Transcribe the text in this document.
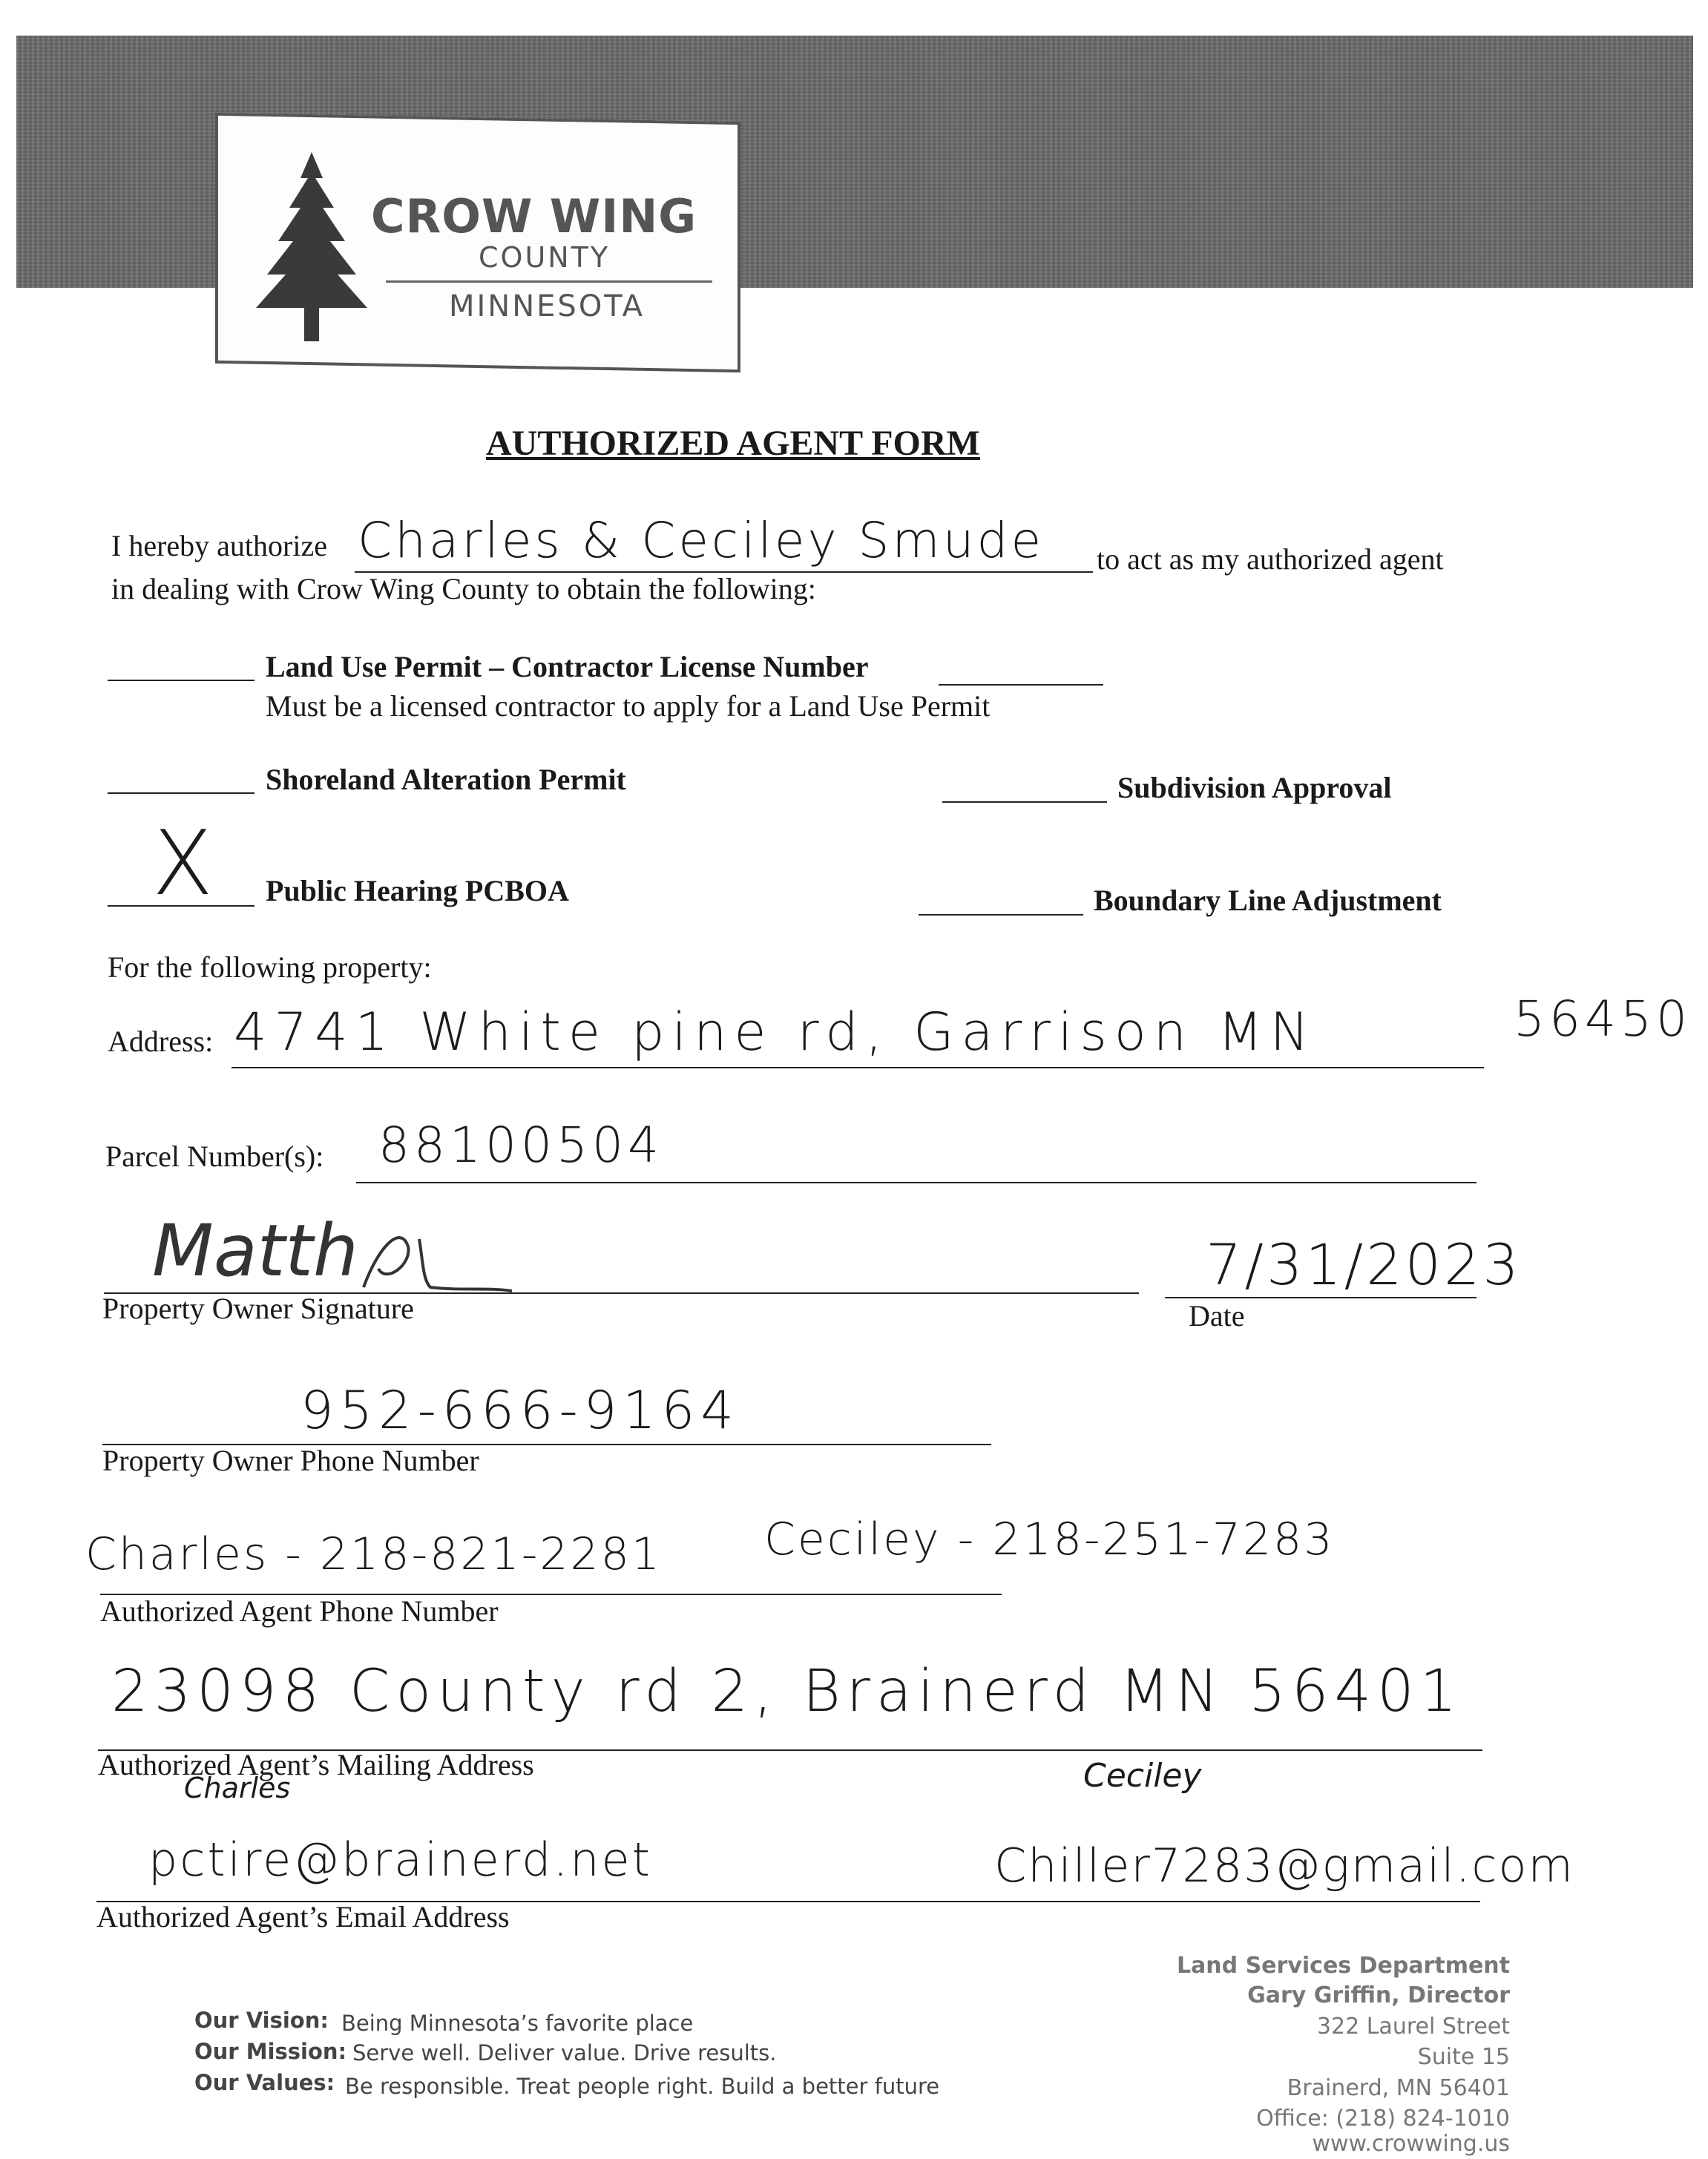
CROW WING
COUNTY
MINNESOTA
AUTHORIZED AGENT FORM
I hereby authorize Charles & Ceciley Smude to act as my authorized agent
in dealing with Crow Wing County to obtain the following:
Land Use Permit – Contractor License Number
Must be a licensed contractor to apply for a Land Use Permit
Shoreland Alteration Permit	Subdivision Approval
X Public Hearing PCBOA	Boundary Line Adjustment
For the following property:
Address: 4741 White pine rd, Garrison MN	56450
Parcel Number(s): 88100504
Matth
Property Owner Signature
7/31/2023
Date
952-666-9164
Property Owner Phone Number
Charles - 218-821-2281 Ceciley - 218-251-7283
Authorized Agent Phone Number
23098 County rd 2, Brainerd MN 56401
Authorized Agent’s Mailing Address
Charles	Ceciley
pctire@brainerd.net	Chiller7283@gmail.com
Authorized Agent’s Email Address
Our Vision: Being Minnesota’s favorite place
Our Mission: Serve well. Deliver value. Drive results.
Our Values: Be responsible. Treat people right. Build a better future
Land Services Department
Gary Griffin, Director
322 Laurel Street
Suite 15
Brainerd, MN 56401
Office: (218) 824-1010
www.crowwing.us
